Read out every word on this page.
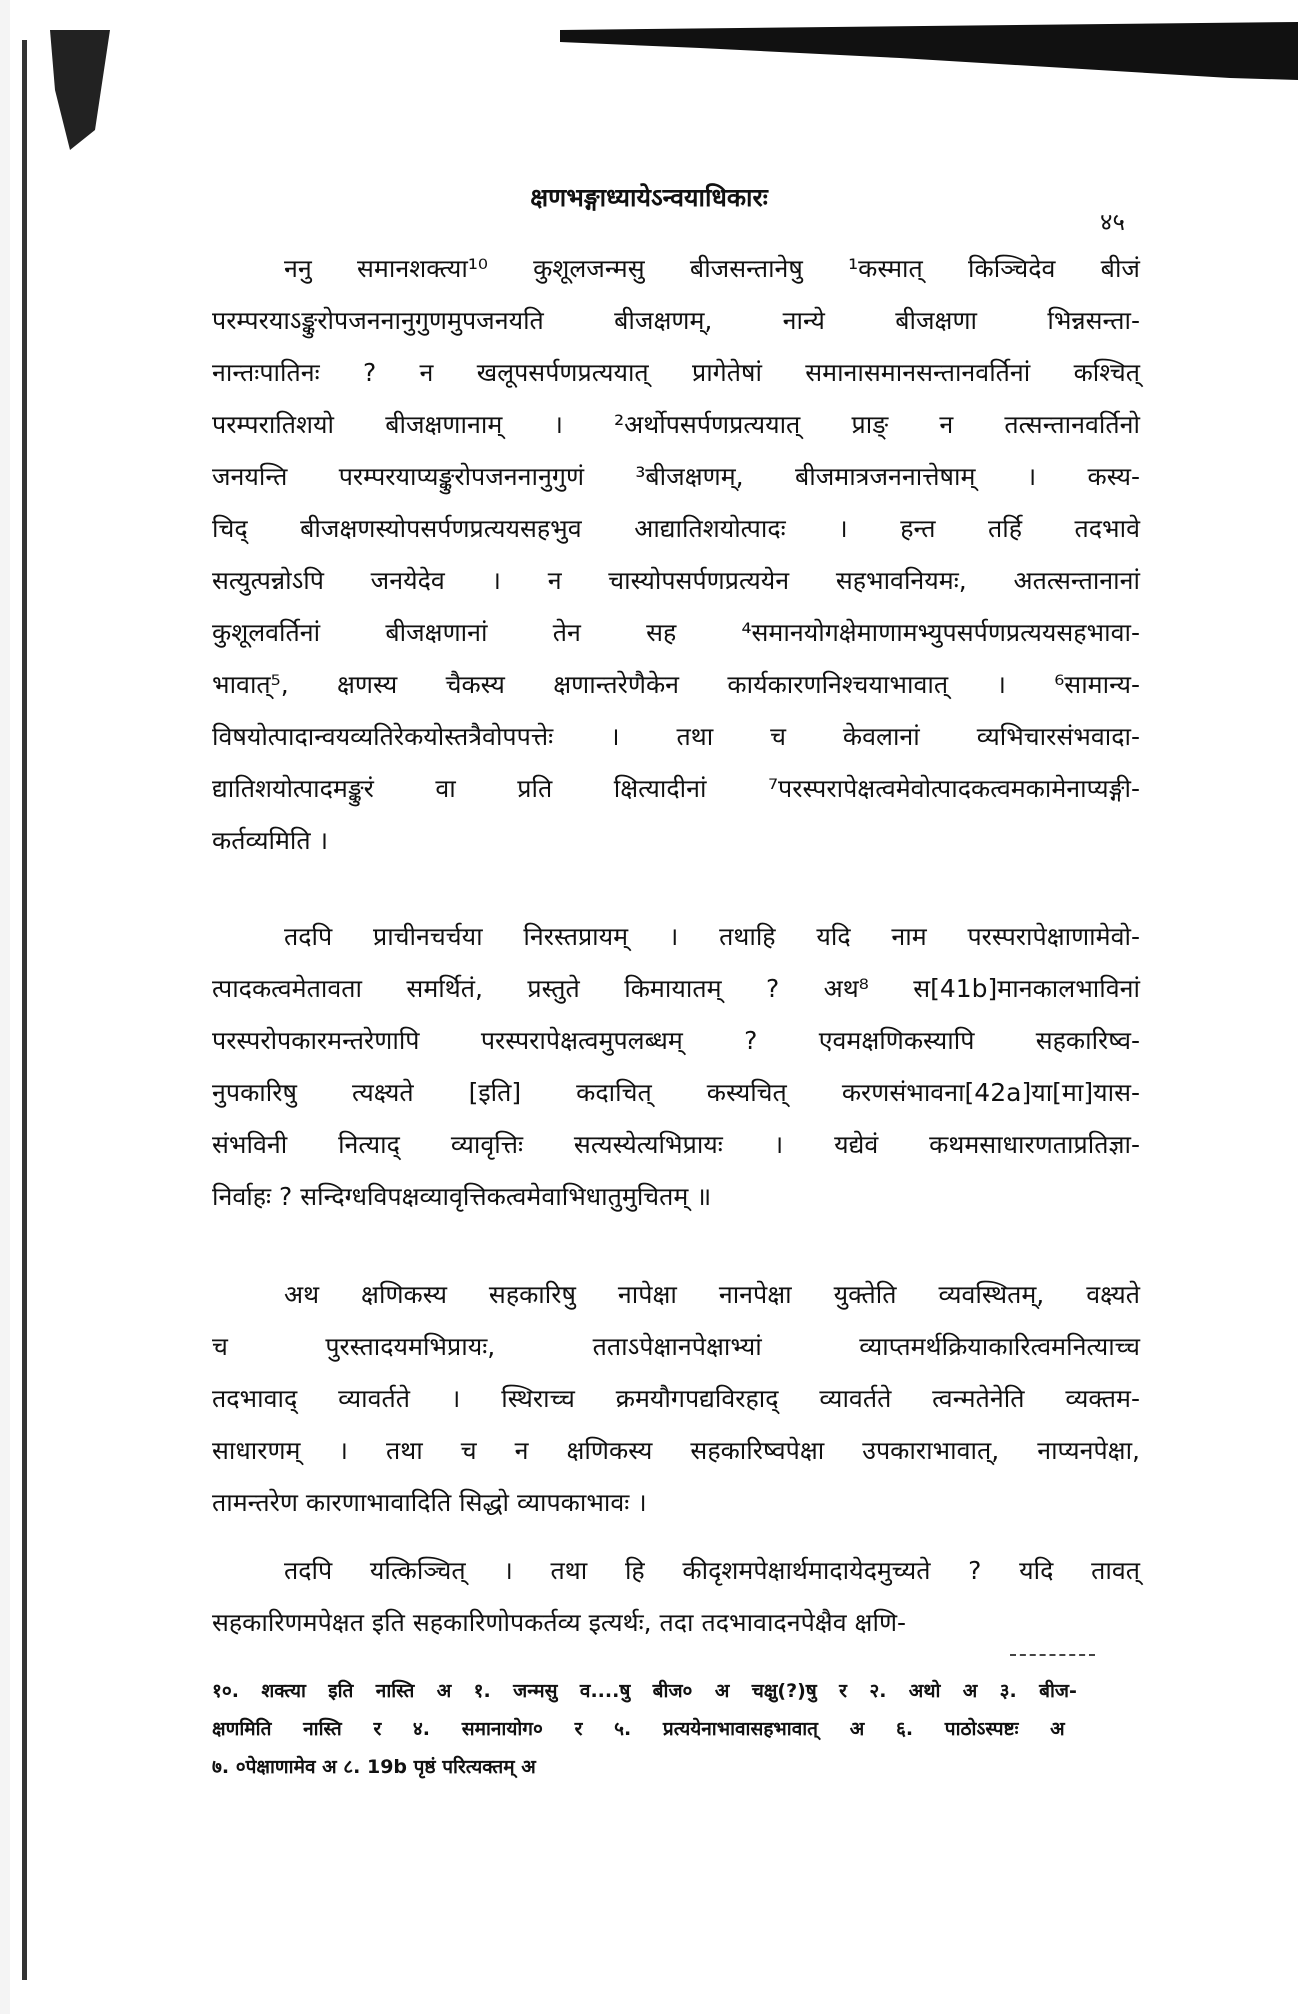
क्षणभङ्गाध्यायेऽन्वयाधिकारः
४५
ननु समानशक्त्या¹⁰ कुशूलजन्मसु बीजसन्तानेषु ¹कस्मात् किञ्चिदेव बीजं
परम्परयाऽङ्कुरोपजननानुगुणमुपजनयति बीजक्षणम्, नान्ये बीजक्षणा भिन्नसन्ता-
नान्तःपातिनः ? न खलूपसर्पणप्रत्ययात् प्रागेतेषां समानासमानसन्तानवर्तिनां कश्चित्
परम्परातिशयो बीजक्षणानाम् । ²अर्थोपसर्पणप्रत्ययात् प्राङ् न तत्सन्तानवर्तिनो
जनयन्ति परम्परयाप्यङ्कुरोपजननानुगुणं ³बीजक्षणम्, बीजमात्रजननात्तेषाम् । कस्य-
चिद् बीजक्षणस्योपसर्पणप्रत्ययसहभुव आद्यातिशयोत्पादः । हन्त तर्हि तदभावे
सत्युत्पन्नोऽपि जनयेदेव । न चास्योपसर्पणप्रत्ययेन सहभावनियमः, अतत्सन्तानानां
कुशूलवर्तिनां बीजक्षणानां तेन सह ⁴समानयोगक्षेमाणामभ्युपसर्पणप्रत्ययसहभावा-
भावात्⁵, क्षणस्य चैकस्य क्षणान्तरेणैकेन कार्यकारणनिश्चयाभावात् । ⁶सामान्य-
विषयोत्पादान्वयव्यतिरेकयोस्तत्रैवोपपत्तेः । तथा च केवलानां व्यभिचारसंभवादा-
द्यातिशयोत्पादमङ्कुरं वा प्रति क्षित्यादीनां ⁷परस्परापेक्षत्वमेवोत्पादकत्वमकामेनाप्यङ्गी-
कर्तव्यमिति ।
तदपि प्राचीनचर्चया निरस्तप्रायम् । तथाहि यदि नाम परस्परापेक्षाणामेवो-
त्पादकत्वमेतावता समर्थितं, प्रस्तुते किमायातम् ? अथ⁸ स[41b]मानकालभाविनां
परस्परोपकारमन्तरेणापि परस्परापेक्षत्वमुपलब्धम् ? एवमक्षणिकस्यापि सहकारिष्व-
नुपकारिषु त्यक्ष्यते [इति] कदाचित् कस्यचित् करणसंभावना[42a]या[मा]यास-
संभविनी नित्याद् व्यावृत्तिः सत्यस्येत्यभिप्रायः । यद्येवं कथमसाधारणताप्रतिज्ञा-
निर्वाहः ? सन्दिग्धविपक्षव्यावृत्तिकत्वमेवाभिधातुमुचितम् ॥
अथ क्षणिकस्य सहकारिषु नापेक्षा नानपेक्षा युक्तेति व्यवस्थितम्, वक्ष्यते
च पुरस्तादयमभिप्रायः, तताऽपेक्षानपेक्षाभ्यां व्याप्तमर्थक्रियाकारित्वमनित्याच्च
तदभावाद् व्यावर्तते । स्थिराच्च क्रमयौगपद्यविरहाद् व्यावर्तते त्वन्मतेनेति व्यक्तम-
साधारणम् । तथा च न क्षणिकस्य सहकारिष्वपेक्षा उपकाराभावात्, नाप्यनपेक्षा,
तामन्तरेण कारणाभावादिति सिद्धो व्यापकाभावः ।
तदपि यत्किञ्चित् । तथा हि कीदृशमपेक्षार्थमादायेदमुच्यते ? यदि तावत्
सहकारिणमपेक्षत इति सहकारिणोपकर्तव्य इत्यर्थः, तदा तदभावादनपेक्षैव क्षणि-
१०. शक्त्या इति नास्ति अ १. जन्मसु व....षु बीज० अ चक्षु(?)षु र २. अथो अ ३. बीज-
क्षणमिति नास्ति र ४. समानायोग० र ५. प्रत्ययेनाभावासहभावात् अ ६. पाठोऽस्पष्टः अ
७. ०पेक्षाणामेव अ ८. 19b पृष्ठं परित्यक्तम् अ
